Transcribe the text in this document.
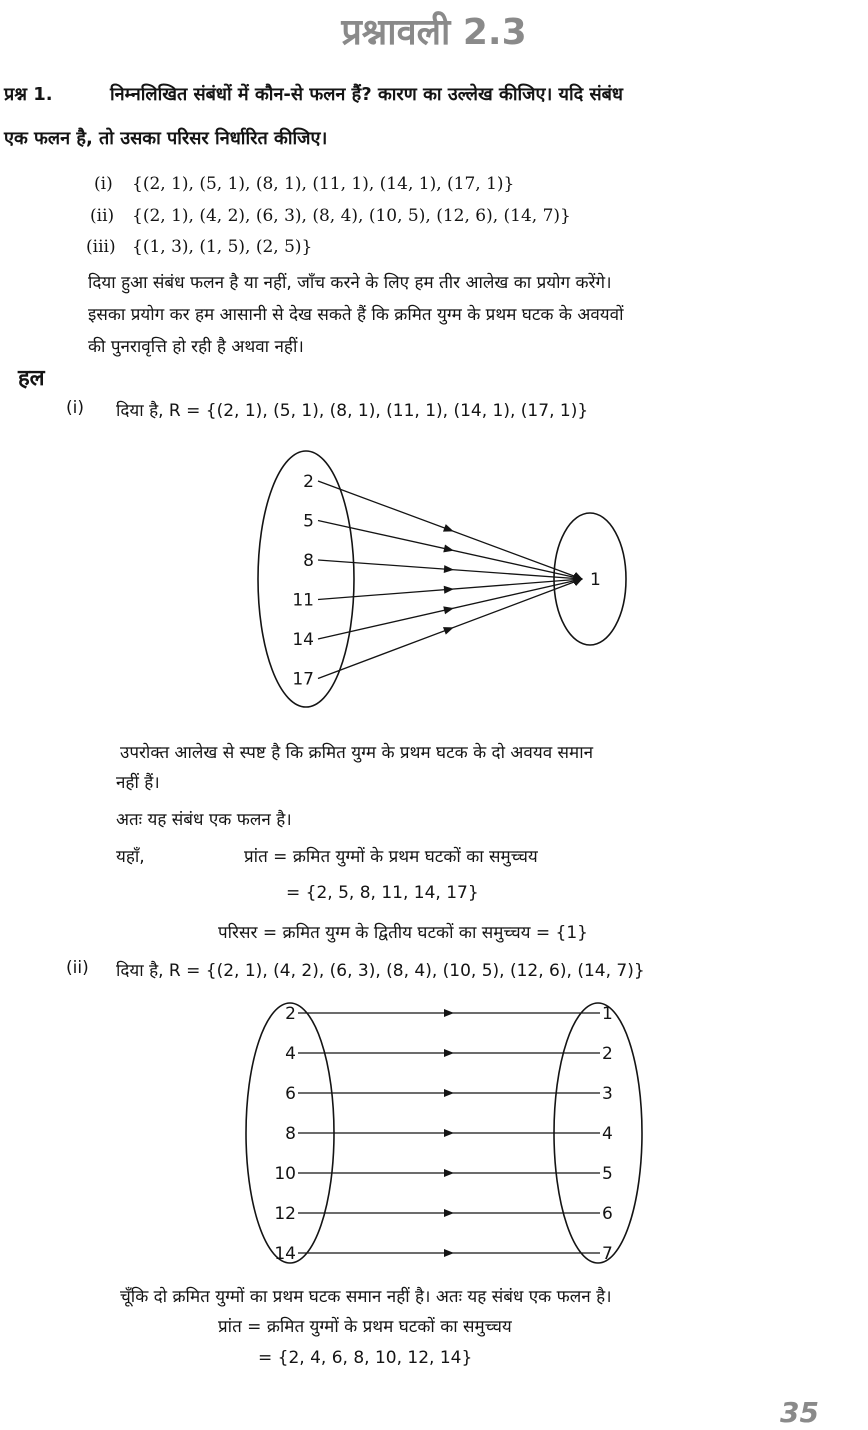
प्रश्नावली 2.3
प्रश्न 1.	निम्नलिखित संबंधों में कौन-से फलन हैं? कारण का उल्लेख कीजिए। यदि संबंध
एक फलन है, तो उसका परिसर निर्धारित कीजिए।
(i) {(2, 1), (5, 1), (8, 1), (11, 1), (14, 1), (17, 1)}
(ii) {(2, 1), (4, 2), (6, 3), (8, 4), (10, 5), (12, 6), (14, 7)}
(iii) {(1, 3), (1, 5), (2, 5)}
दिया हुआ संबंध फलन है या नहीं, जाँच करने के लिए हम तीर आलेख का प्रयोग करेंगे।
इसका प्रयोग कर हम आसानी से देख सकते हैं कि क्रमित युग्म के प्रथम घटक के अवयवों
की पुनरावृत्ति हो रही है अथवा नहीं।
हल
(i) दिया है, R = {(2, 1), (5, 1), (8, 1), (11, 1), (14, 1), (17, 1)}
2
5
8
11
14
17
1
उपरोक्त आलेख से स्पष्ट है कि क्रमित युग्म के प्रथम घटक के दो अवयव समान
नहीं हैं।
अतः यह संबंध एक फलन है।
यहाँ,	प्रांत = क्रमित युग्मों के प्रथम घटकों का समुच्चय
= {2, 5, 8, 11, 14, 17}
परिसर = क्रमित युग्म के द्वितीय घटकों का समुच्चय = {1}
(ii) दिया है, R = {(2, 1), (4, 2), (6, 3), (8, 4), (10, 5), (12, 6), (14, 7)}
2	1
4	2
6	3
8	4
10	5
12	6
14	7
चूँकि दो क्रमित युग्मों का प्रथम घटक समान नहीं है। अतः यह संबंध एक फलन है।
प्रांत = क्रमित युग्मों के प्रथम घटकों का समुच्चय
= {2, 4, 6, 8, 10, 12, 14}
35
